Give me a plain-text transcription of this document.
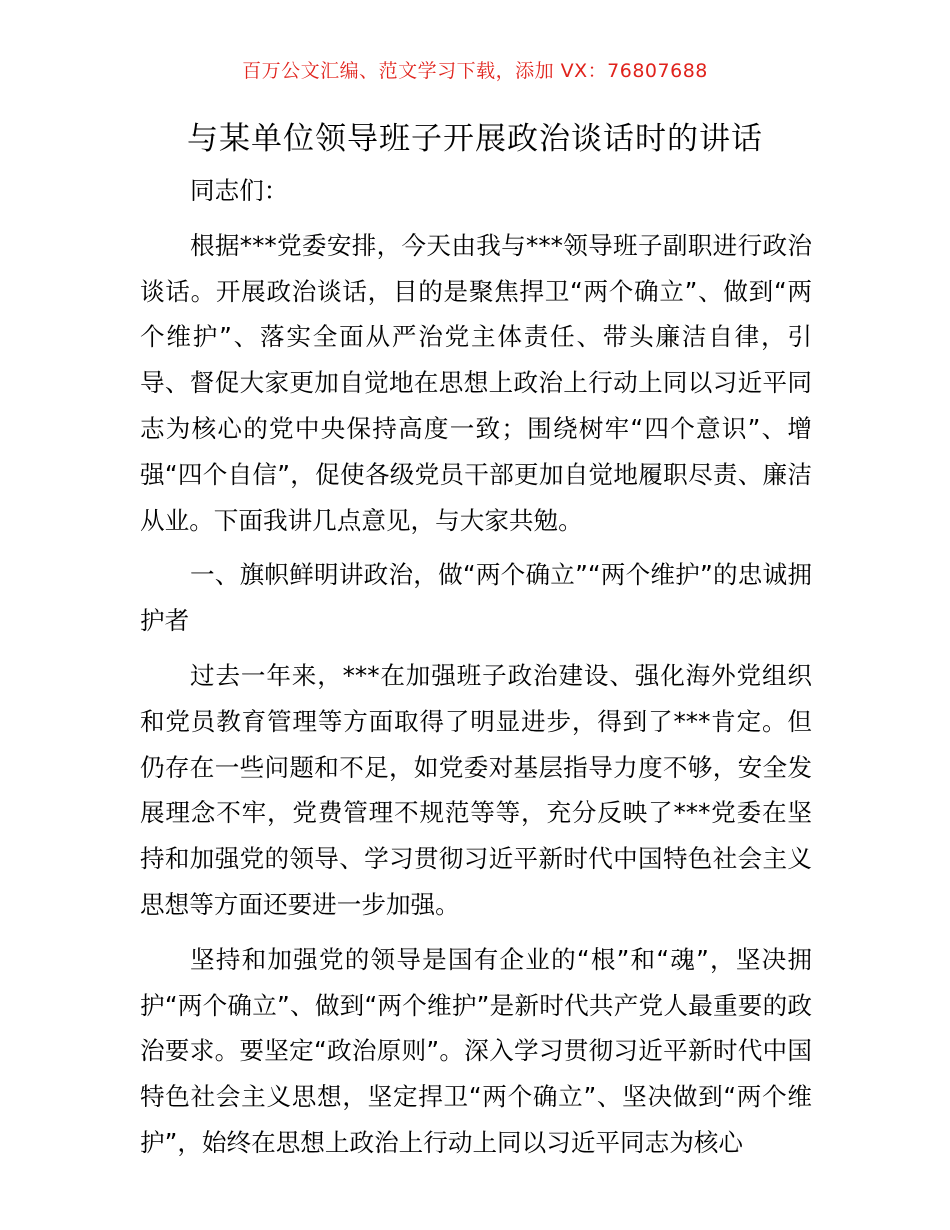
百万公文汇编、范文学习下载，添加 VX：76807688
与某单位领导班子开展政治谈话时的讲话

同志们：

根据***党委安排，今天由我与***领导班子副职进行政治谈话。开展政治谈话，目的是聚焦捍卫“两个确立”、做到“两个维护”、落实全面从严治党主体责任、带头廉洁自律，引导、督促大家更加自觉地在思想上政治上行动上同以习近平同志为核心的党中央保持高度一致；围绕树牢“四个意识”、增强“四个自信”，促使各级党员干部更加自觉地履职尽责、廉洁从业。下面我讲几点意见，与大家共勉。

一、旗帜鲜明讲政治，做“两个确立”“两个维护”的忠诚拥护者

过去一年来，***在加强班子政治建设、强化海外党组织和党员教育管理等方面取得了明显进步，得到了***肯定。但仍存在一些问题和不足，如党委对基层指导力度不够，安全发展理念不牢，党费管理不规范等等，充分反映了***党委在坚持和加强党的领导、学习贯彻习近平新时代中国特色社会主义思想等方面还要进一步加强。

坚持和加强党的领导是国有企业的“根”和“魂”，坚决拥护“两个确立”、做到“两个维护”是新时代共产党人最重要的政治要求。要坚定“政治原则”。深入学习贯彻习近平新时代中国特色社会主义思想，坚定捍卫“两个确立”、坚决做到“两个维护”，始终在思想上政治上行动上同以习近平同志为核心
